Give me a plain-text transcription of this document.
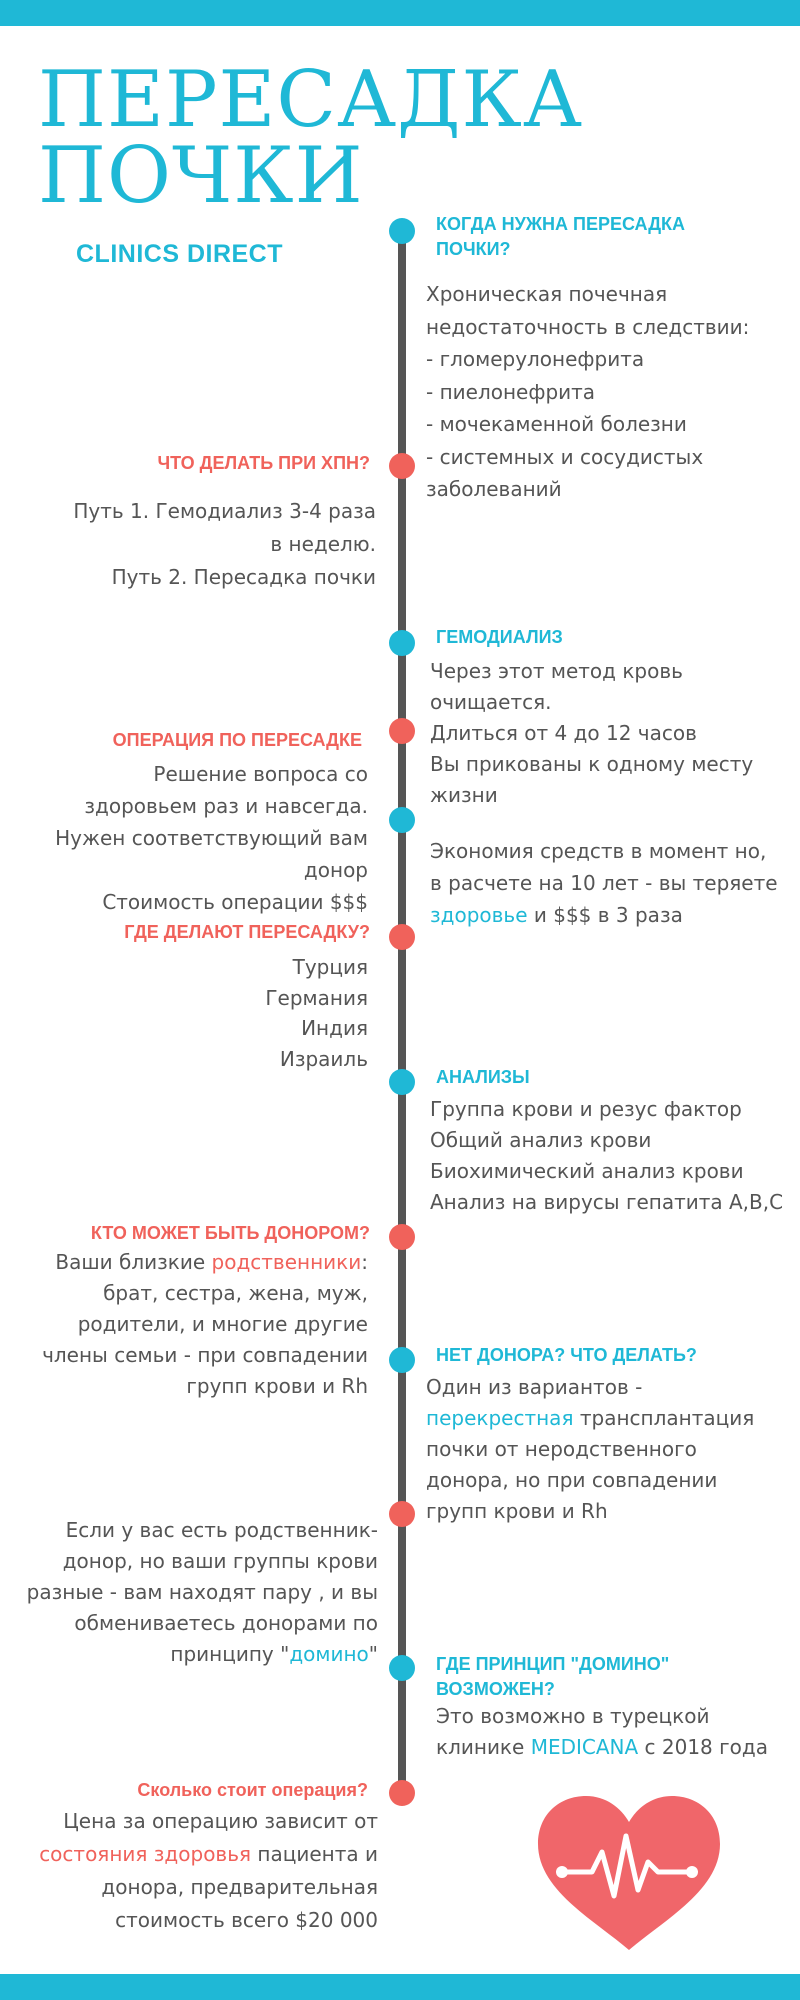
ПЕРЕСАДКА
ПОЧКИ
CLINICS DIRECT
КОГДА НУЖНА ПЕРЕСАДКА
ПОЧКИ?
Хроническая почечная
недостаточность в следствии:
- гломерулонефрита
- пиелонефрита
- мочекаменной болезни
- системных и сосудистых
заболеваний
ЧТО ДЕЛАТЬ ПРИ ХПН?
Путь 1. Гемодиализ 3-4 раза
в неделю.
Путь 2. Пересадка почки
ГЕМОДИАЛИЗ
Через этот метод кровь
очищается.
Длиться от 4 до 12 часов
Вы прикованы к одному месту
жизни
ОПЕРАЦИЯ ПО ПЕРЕСАДКЕ
Решение вопроса со
здоровьем раз и навсегда.
Нужен соответствующий вам
донор
Стоимость операции $$$
Экономия средств в момент но,
в расчете на 10 лет - вы теряете
здоровье и $$$ в 3 раза
ГДЕ ДЕЛАЮТ ПЕРЕСАДКУ?
Турция
Германия
Индия
Израиль
АНАЛИЗЫ
Группа крови и резус фактор
Общий анализ крови
Биохимический анализ крови
Анализ на вирусы гепатита A,B,C
КТО МОЖЕТ БЫТЬ ДОНОРОМ?
Ваши близкие родственники:
брат, сестра, жена, муж,
родители, и многие другие
члены семьи - при совпадении
групп крови и Rh
НЕТ ДОНОРА? ЧТО ДЕЛАТЬ?
Один из вариантов -
перекрестная трансплантация
почки от неродственного
донора, но при совпадении
групп крови и Rh
Если у вас есть родственник-
донор, но ваши группы крови
разные - вам находят пару , и вы
обмениваетесь донорами по
принципу "домино"	ГДЕ ПРИНЦИП "ДОМИНО"
ВОЗМОЖЕН?
Это возможно в турецкой
клинике MEDICANA с 2018 года
Сколько стоит операция?
Цена за операцию зависит от
состояния здоровья пациента и
донора, предварительная
стоимость всего $20 000
